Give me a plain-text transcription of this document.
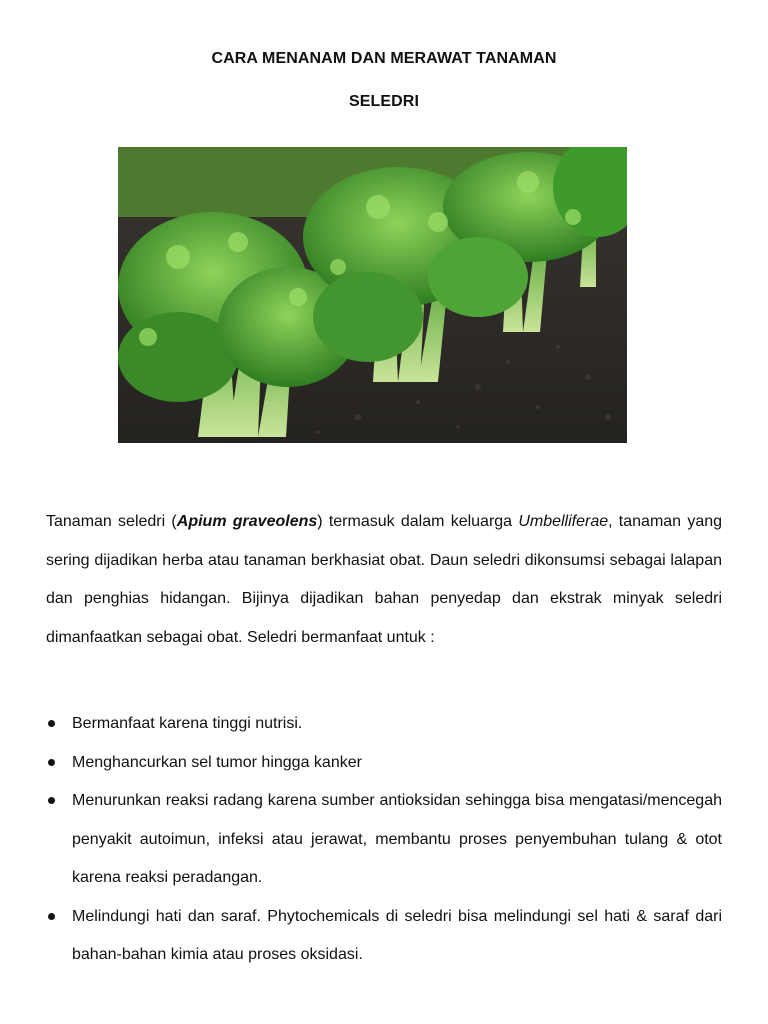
CARA MENANAM DAN MERAWAT TANAMAN
SELEDRI

Tanaman seledri (Apium graveolens) termasuk dalam keluarga Umbelliferae, tanaman yang sering dijadikan herba atau tanaman berkhasiat obat. Daun seledri dikonsumsi sebagai lalapan dan penghias hidangan. Bijinya dijadikan bahan penyedap dan ekstrak minyak seledri dimanfaatkan sebagai obat. Seledri bermanfaat untuk :

Bermanfaat karena tinggi nutrisi.
Menghancurkan sel tumor hingga kanker
Menurunkan reaksi radang karena sumber antioksidan sehingga bisa mengatasi/mencegah penyakit autoimun, infeksi atau jerawat, membantu proses penyembuhan tulang & otot karena reaksi peradangan.
Melindungi hati dan saraf. Phytochemicals di seledri bisa melindungi sel hati & saraf dari bahan-bahan kimia atau proses oksidasi.
